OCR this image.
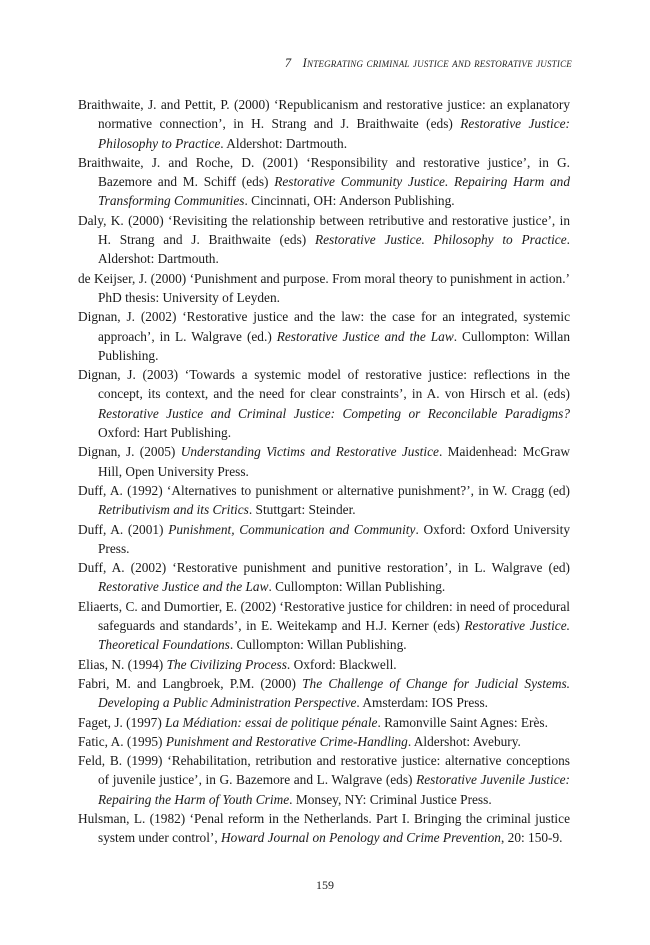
7 Integrating criminal justice and restorative justice

Braithwaite, J. and Pettit, P. (2000) ‘Republicanism and restorative justice: an explanatory normative connection’, in H. Strang and J. Braithwaite (eds) Restorative Justice: Philosophy to Practice. Aldershot: Dartmouth.

Braithwaite, J. and Roche, D. (2001) ‘Responsibility and restorative justice’, in G. Bazemore and M. Schiff (eds) Restorative Community Justice. Repairing Harm and Transforming Communities. Cincinnati, OH: Anderson Publishing.

Daly, K. (2000) ‘Revisiting the relationship between retributive and restorative justice’, in H. Strang and J. Braithwaite (eds) Restorative Justice. Philosophy to Practice. Aldershot: Dartmouth.

de Keijser, J. (2000) ‘Punishment and purpose. From moral theory to punishment in action.’ PhD thesis: University of Leyden.

Dignan, J. (2002) ‘Restorative justice and the law: the case for an integrated, systemic approach’, in L. Walgrave (ed.) Restorative Justice and the Law. Cullompton: Willan Publishing.

Dignan, J. (2003) ‘Towards a systemic model of restorative justice: reflections in the concept, its context, and the need for clear constraints’, in A. von Hirsch et al. (eds) Restorative Justice and Criminal Justice: Competing or Reconcilable Paradigms? Oxford: Hart Publishing.

Dignan, J. (2005) Understanding Victims and Restorative Justice. Maidenhead: McGraw Hill, Open University Press.

Duff, A. (1992) ‘Alternatives to punishment or alternative punishment?’, in W. Cragg (ed) Retributivism and its Critics. Stuttgart: Steinder.

Duff, A. (2001) Punishment, Communication and Community. Oxford: Oxford University Press.

Duff, A. (2002) ‘Restorative punishment and punitive restoration’, in L. Walgrave (ed) Restorative Justice and the Law. Cullompton: Willan Publishing.

Eliaerts, C. and Dumortier, E. (2002) ‘Restorative justice for children: in need of procedural safeguards and standards’, in E. Weitekamp and H.J. Kerner (eds) Restorative Justice. Theoretical Foundations. Cullompton: Willan Publishing.

Elias, N. (1994) The Civilizing Process. Oxford: Blackwell.

Fabri, M. and Langbroek, P.M. (2000) The Challenge of Change for Judicial Systems. Developing a Public Administration Perspective. Amsterdam: IOS Press.

Faget, J. (1997) La Médiation: essai de politique pénale. Ramonville Saint Agnes: Erès.

Fatic, A. (1995) Punishment and Restorative Crime-Handling. Aldershot: Avebury.

Feld, B. (1999) ‘Rehabilitation, retribution and restorative justice: alternative conceptions of juvenile justice’, in G. Bazemore and L. Walgrave (eds) Restorative Juvenile Justice: Repairing the Harm of Youth Crime. Monsey, NY: Criminal Justice Press.

Hulsman, L. (1982) ‘Penal reform in the Netherlands. Part I. Bringing the criminal justice system under control’, Howard Journal on Penology and Crime Prevention, 20: 150-9.

159
